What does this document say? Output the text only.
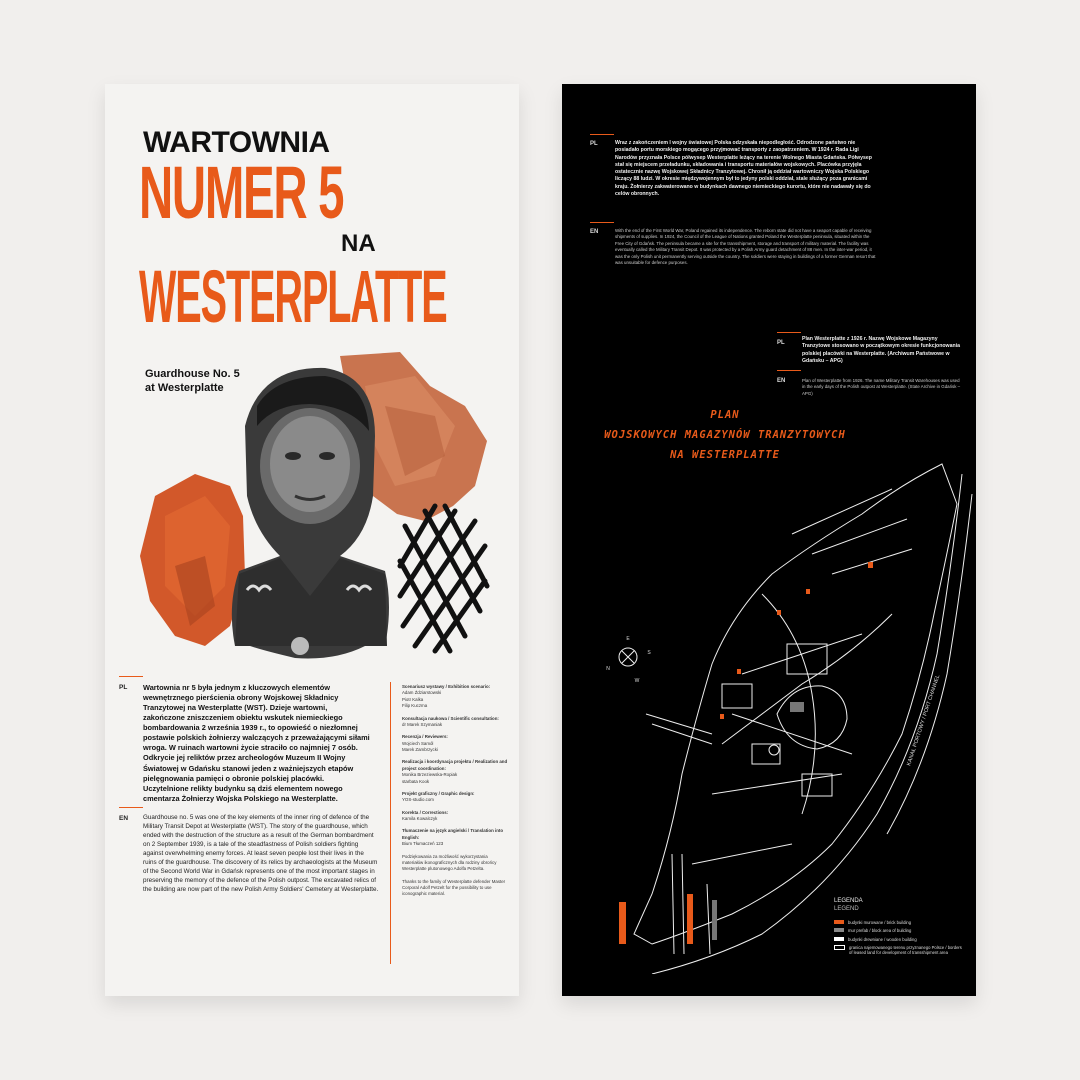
WARTOWNIA
NUMER 5
NA
WESTERPLATTE
Guardhouse No. 5
at Westerplatte
PL Wartownia nr 5 była jednym z kluczowych elementów wewnętrznego pierścienia obrony Wojskowej Składnicy Tranzytowej na Westerplatte (WST). Dzieje wartowni, zakończone zniszczeniem obiektu wskutek niemieckiego bombardowania 2 września 1939 r., to opowieść o niezłomnej postawie polskich żołnierzy walczących z przeważającymi siłami wroga. W ruinach wartowni życie straciło co najmniej 7 osób. Odkrycie jej reliktów przez archeologów Muzeum II Wojny Światowej w Gdańsku stanowi jeden z ważniejszych etapów pielęgnowania pamięci o obronie polskiej placówki. Uczytelnione relikty budynku są dziś elementem nowego cmentarza Żołnierzy Wojska Polskiego na Westerplatte.
EN Guardhouse no. 5 was one of the key elements of the inner ring of defence of the Military Transit Depot at Westerplatte (WST). The story of the guardhouse, which ended with the destruction of the structure as a result of the German bombardment on 2 September 1939, is a tale of the steadfastness of Polish soldiers fighting against overwhelming enemy forces. At least seven people lost their lives in the ruins of the guardhouse. The discovery of its relics by archaeologists at the Museum of the Second World War in Gdańsk represents one of the most important stages in preserving the memory of the defence of the Polish outpost. The excavated relics of the building are now part of the new Polish Army Soldiers' Cemetery at Westerplatte.
Scenariusz wystawy / Exhibition scenario:
Adam Ździarstowski
Piotr Kalka
Filip Kuczma
Konsultacja naukowa / Scientific consultation:
dr Marek Szymaniak
Recenzja / Reviewers:
Wojciech Samól
Marek Zambrzycki
Realizacja i koordynacja projektu / Realization and project coordination:
Monika Brzeziewska-Ropiak
starbata Kook
Projekt graficzny / Graphic design:
YOS-studio.com
Korekta / Corrections:
Kamila Kowalczyk
Tłumaczenie na język angielski / Translation into English:
Bium Tłumaczeń 123
Podziękowania za możliwość wykorzystania materiałów ikonograficznych dla rodziny obrońcy Westerplatte plutonowego Adolfa Petzelta.
Thanks to the family of Westerplatte defender Master Corporal Adolf Petzelt for the possibility to use iconographic material.
PL	Wraz z zakończeniem I wojny światowej Polska odzyskała niepodległość. Odrodzone państwo nie posiadało portu morskiego mogącego przyjmować transporty z zaopatrzeniem. W 1924 r. Rada Ligi Narodów przyznała Polsce półwysep Westerplatte leżący na terenie Wolnego Miasta Gdańska. Półwysep stał się miejscem przeładunku, składowania i transportu materiałów wojskowych. Placówka przyjęła ostatecznie nazwę Wojskowej Składnicy Tranzytowej. Chronił ją oddział wartowniczy Wojska Polskiego liczący 88 ludzi. W okresie międzywojennym był to jedyny polski oddział, stale służący poza granicami kraju. Żołnierzy zakwaterowano w budynkach dawnego niemieckiego kurortu, które nie nadawały się do celów obronnych.
EN	With the end of the First World War, Poland regained its independence. The reborn state did not have a seaport capable of receiving shipments of supplies. In 1924, the Council of the League of Nations granted Poland the Westerplatte peninsula, situated within the Free City of Gdańsk. The peninsula became a site for the transshipment, storage and transport of military material. The facility was eventually called the Military Transit Depot. It was protected by a Polish Army guard detachment of 88 men. In the inter-war period, it was the only Polish unit permanently serving outside the country. The soldiers were staying in buildings of a former German resort that was unsuitable for defence purposes.
PL
Plan Westerplatte z 1926 r. Nazwę Wojskowe Magazyny Tranzytowe stosowano w początkowym okresie funkcjonowania polskiej placówki na Westerplatte. (Archiwum Państwowe w Gdańsku – APG)
EN	Plan of Westerplatte from 1926. The name Military Transit Warehouses was used in the early days of the Polish outpost at Westerplatte. (State Archive in Gdańsk – APG)
PLAN
WOJSKOWYCH MAGAZYNÓW TRANZYTOWYCH
NA WESTERPLATTE
E
N
S
W	KANAŁ PORTOWY / PORT CHANNEL
LEGENDA
LEGEND
budynki murowane / brick building
mur prefab / block area of building
budynki drewniane / wooden building
granica najemowanego terenu przyznanego Polsce / borders of leased land for development of transshipment area
